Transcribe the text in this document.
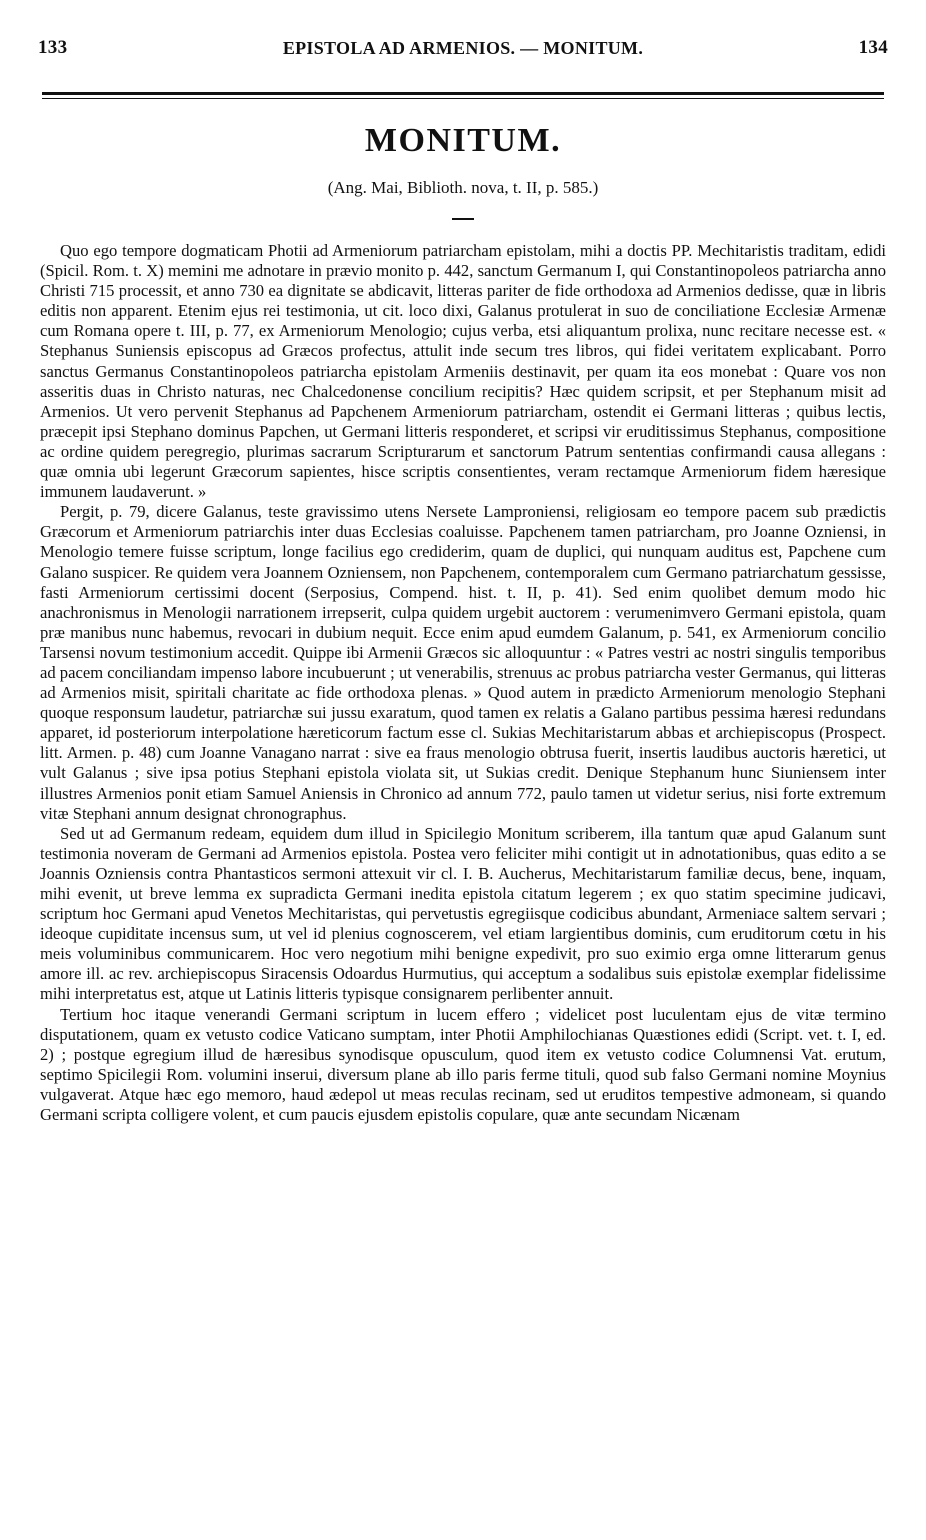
133	EPISTOLA AD ARMENIOS. — MONITUM.	134
MONITUM.
(Ang. Mai, Biblioth. nova, t. II, p. 585.)

Quo ego tempore dogmaticam Photii ad Armeniorum patriarcham epistolam, mihi a doctis PP. Mechitaristis traditam, edidi (Spicil. Rom. t. X) memini me adnotare in prævio monito p. 442, sanctum Germanum I, qui Constantinopoleos patriarcha anno Christi 715 processit, et anno 730 ea dignitate se abdicavit, litteras pariter de fide orthodoxa ad Armenios dedisse, quæ in libris editis non apparent. Etenim ejus rei testimonia, ut cit. loco dixi, Galanus protulerat in suo de conciliatione Ecclesiæ Armenæ cum Romana opere t. III, p. 77, ex Armeniorum Menologio; cujus verba, etsi aliquantum prolixa, nunc recitare necesse est. « Stephanus Suniensis episcopus ad Græcos profectus, attulit inde secum tres libros, qui fidei veritatem explicabant. Porro sanctus Germanus Constantinopoleos patriarcha epistolam Armeniis destinavit, per quam ita eos monebat : Quare vos non asseritis duas in Christo naturas, nec Chalcedonense concilium recipitis? Hæc quidem scripsit, et per Stephanum misit ad Armenios. Ut vero pervenit Stephanus ad Papchenem Armeniorum patriarcham, ostendit ei Germani litteras ; quibus lectis, præcepit ipsi Stephano dominus Papchen, ut Germani litteris responderet, et scripsi vir eruditissimus Stephanus, compositione ac ordine quidem peregregio, plurimas sacrarum Scripturarum et sanctorum Patrum sententias confirmandi causa allegans : quæ omnia ubi legerunt Græcorum sapientes, hisce scriptis consentientes, veram rectamque Armeniorum fidem hæresique immunem laudaverunt. »

Pergit, p. 79, dicere Galanus, teste gravissimo utens Nersete Lamproniensi, religiosam eo tempore pacem sub prædictis Græcorum et Armeniorum patriarchis inter duas Ecclesias coaluisse. Papchenem tamen patriarcham, pro Joanne Ozniensi, in Menologio temere fuisse scriptum, longe facilius ego crediderim, quam de duplici, qui nunquam auditus est, Papchene cum Galano suspicer. Re quidem vera Joannem Ozniensem, non Papchenem, contemporalem cum Germano patriarchatum gessisse, fasti Armeniorum certissimi docent (Serposius, Compend. hist. t. II, p. 41). Sed enim quolibet demum modo hic anachronismus in Menologii narrationem irrepserit, culpa quidem urgebit auctorem : verumenimvero Germani epistola, quam præ manibus nunc habemus, revocari in dubium nequit. Ecce enim apud eumdem Galanum, p. 541, ex Armeniorum concilio Tarsensi novum testimonium accedit. Quippe ibi Armenii Græcos sic alloquuntur : « Patres vestri ac nostri singulis temporibus ad pacem conciliandam impenso labore incubuerunt ; ut venerabilis, strenuus ac probus patriarcha vester Germanus, qui litteras ad Armenios misit, spiritali charitate ac fide orthodoxa plenas. » Quod autem in prædicto Armeniorum menologio Stephani quoque responsum laudetur, patriarchæ sui jussu exaratum, quod tamen ex relatis a Galano partibus pessima hæresi redundans apparet, id posteriorum interpolatione hæreticorum factum esse cl. Sukias Mechitaristarum abbas et archiepiscopus (Prospect. litt. Armen. p. 48) cum Joanne Vanagano narrat : sive ea fraus menologio obtrusa fuerit, insertis laudibus auctoris hæretici, ut vult Galanus ; sive ipsa potius Stephani epistola violata sit, ut Sukias credit. Denique Stephanum hunc Siuniensem inter illustres Armenios ponit etiam Samuel Aniensis in Chronico ad annum 772, paulo tamen ut videtur serius, nisi forte extremum vitæ Stephani annum designat chronographus.

Sed ut ad Germanum redeam, equidem dum illud in Spicilegio Monitum scriberem, illa tantum quæ apud Galanum sunt testimonia noveram de Germani ad Armenios epistola. Postea vero feliciter mihi contigit ut in adnotationibus, quas edito a se Joannis Ozniensis contra Phantasticos sermoni attexuit vir cl. I. B. Aucherus, Mechitaristarum familiæ decus, bene, inquam, mihi evenit, ut breve lemma ex supradicta Germani inedita epistola citatum legerem ; ex quo statim specimine judicavi, scriptum hoc Germani apud Venetos Mechitaristas, qui pervetustis egregiisque codicibus abundant, Armeniace saltem servari ; ideoque cupiditate incensus sum, ut vel id plenius cognoscerem, vel etiam largientibus dominis, cum eruditorum cœtu in his meis voluminibus communicarem. Hoc vero negotium mihi benigne expedivit, pro suo eximio erga omne litterarum genus amore ill. ac rev. archiepiscopus Siracensis Odoardus Hurmutius, qui acceptum a sodalibus suis epistolæ exemplar fidelissime mihi interpretatus est, atque ut Latinis litteris typisque consignarem perlibenter annuit.

Tertium hoc itaque venerandi Germani scriptum in lucem effero ; videlicet post luculentam ejus de vitæ termino disputationem, quam ex vetusto codice Vaticano sumptam, inter Photii Amphilochianas Quæstiones edidi (Script. vet. t. I, ed. 2) ; postque egregium illud de hæresibus synodisque opusculum, quod item ex vetusto codice Columnensi Vat. erutum, septimo Spicilegii Rom. volumini inserui, diversum plane ab illo paris ferme tituli, quod sub falso Germani nomine Moynius vulgaverat. Atque hæc ego memoro, haud ædepol ut meas reculas recinam, sed ut eruditos tempestive admoneam, si quando Germani scripta colligere volent, et cum paucis ejusdem epistolis copulare, quæ ante secundam Nicænam
